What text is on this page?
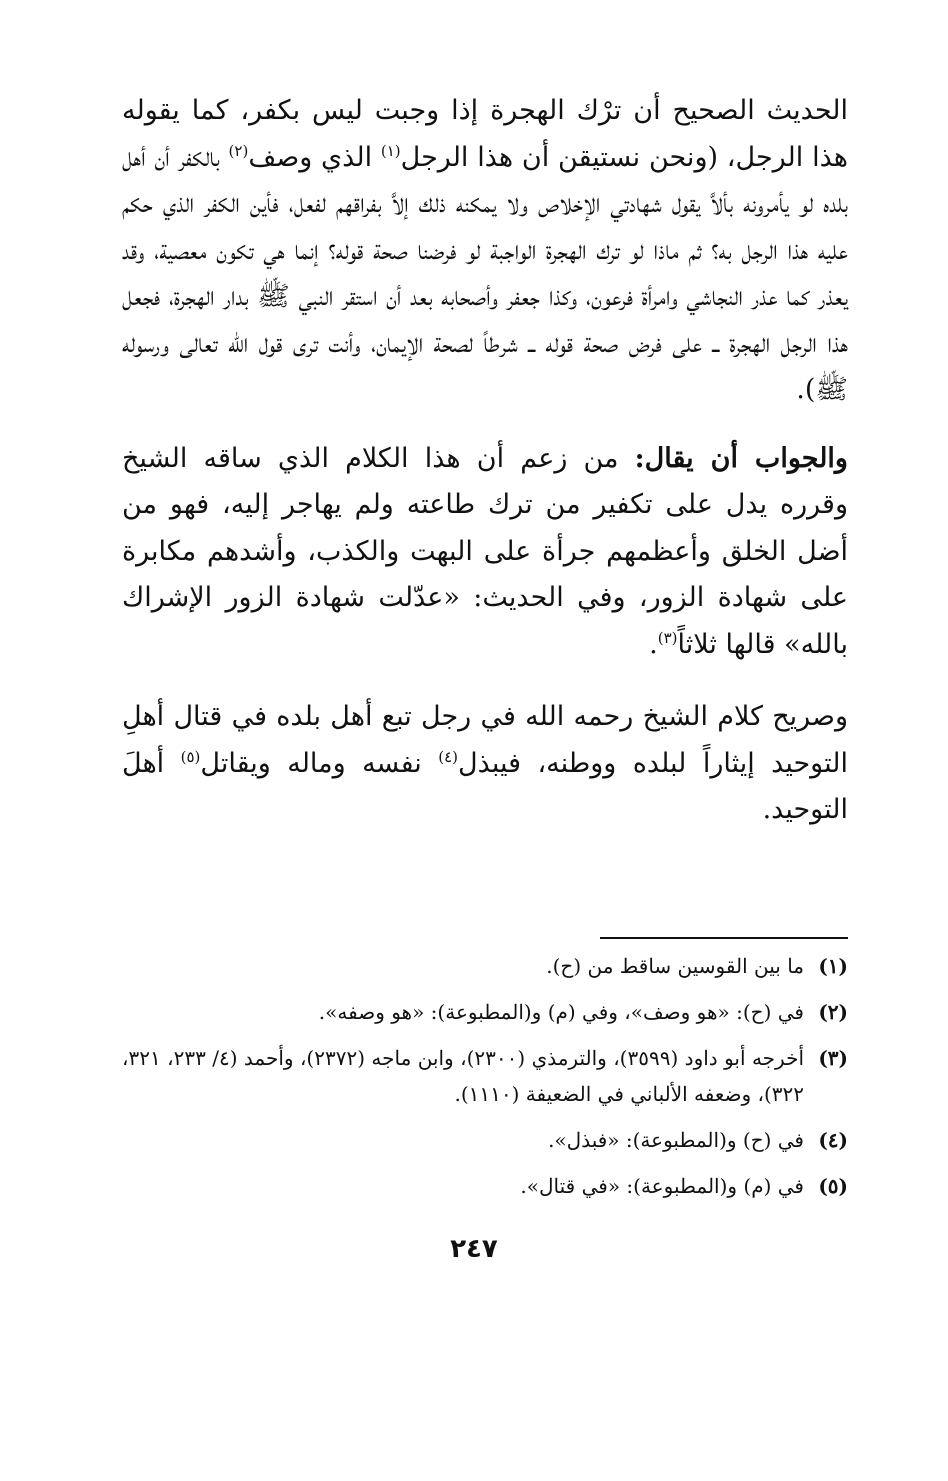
الحديث الصحيح أن ترْك الهجرة إذا وجبت ليس بكفر، كما يقوله هذا الرجل، (ونحن نستيقن أن هذا الرجل$^{(١)}$ الذي وصف$^{(٢)}$ بالكفر أن أهل بلده لو يأمرونه بألاَّ يقول شهادتي الإخلاص ولا يمكنه ذلك إلاَّ بفراقهم لفعل، فأين الكفر الذي حكم عليه هذا الرجل به؟ ثم ماذا لو ترك الهجرة الواجبة لو فرضنا صحة قوله؟ إنما هي تكون معصية، وقد يعذر كما عذر النجاشي وامرأة فرعون، وكذا جعفر وأصحابه بعد أن استقر النبي ﷺ بدار الهجرة، فجعل هذا الرجل الهجرة ــ على فرض صحة قوله ــ شرطاً لصحة الإيمان، وأنت ترى قول الله تعالى ورسوله ﷺ).

والجواب أن يقال: من زعم أن هذا الكلام الذي ساقه الشيخ وقرره يدل على تكفير من ترك طاعته ولم يهاجر إليه، فهو من أضل الخلق وأعظمهم جرأة على البهت والكذب، وأشدهم مكابرة على شهادة الزور، وفي الحديث: «عدّلت شهادة الزور الإشراك بالله» قالها ثلاثاً$^{(٣)}$.

وصريح كلام الشيخ رحمه الله في رجل تبع أهل بلده في قتال أهلِ التوحيد إيثاراً لبلده ووطنه، فيبذل$^{(٤)}$ نفسه وماله ويقاتل$^{(٥)}$ أهلَ التوحيد.

(١)
ما بين القوسين ساقط من (ح).
(٢)
في (ح): «هو وصف»، وفي (م) و(المطبوعة): «هو وصفه».
(٣)
أخرجه أبو داود (٣٥٩٩)، والترمذي (٢٣٠٠)، وابن ماجه (٢٣٧٢)، وأحمد (٤/ ٢٣٣، ٣٢١، ٣٢٢)، وضعفه الألباني في الضعيفة (١١١٠).
(٤)
في (ح) و(المطبوعة): «فبذل».
(٥)
في (م) و(المطبوعة): «في قتال».
٢٤٧
